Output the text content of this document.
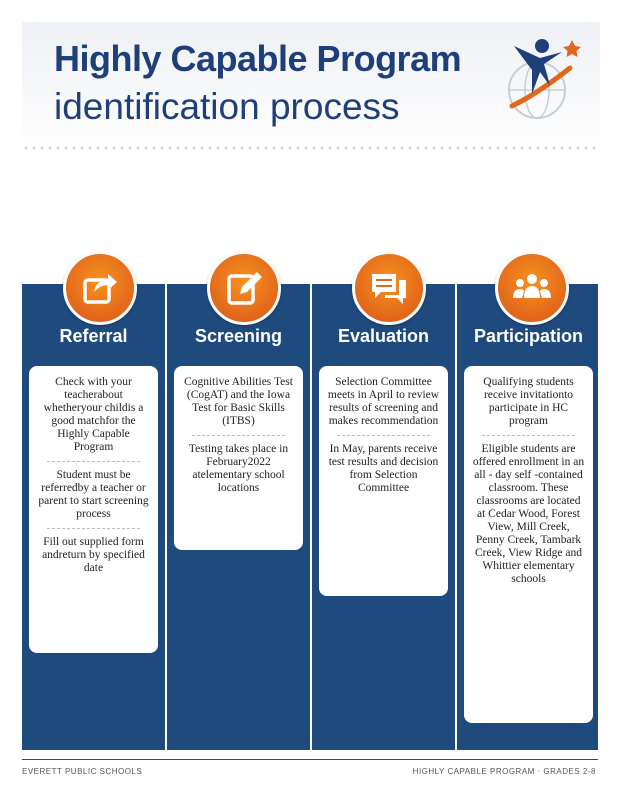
Highly Capable Program
identification process
Referral

Check with your teacherabout whetheryour childis a good matchfor the Highly Capable Program

Student must be referredby a teacher or parent to start screening process

Fill out supplied form andreturn by specified date

Screening

Cognitive Abilities Test (CogAT) and the Iowa Test for Basic Skills (ITBS)

Testing takes place in February2022 atelementary school locations

Evaluation

Selection Committee meets in April to review results of screening and makes recommendation

In May, parents receive test results and decision from Selection Committee

Participation

Qualifying students receive invitationto participate in HC program

Eligible students are offered enrollment in an all - day self -contained classroom. These classrooms are located at Cedar Wood, Forest View, Mill Creek, Penny Creek, Tambark Creek, View Ridge and Whittier elementary schools

EVERETT PUBLIC SCHOOLS	HIGHLY CAPABLE PROGRAM · GRADES 2-8
